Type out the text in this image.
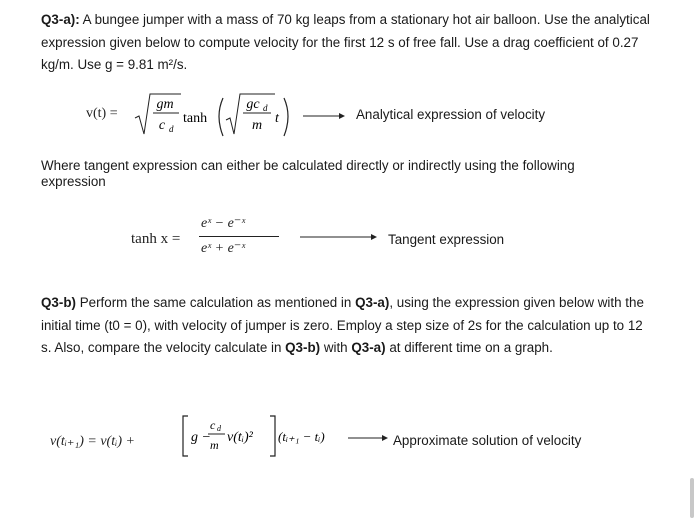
Q3-a): A bungee jumper with a mass of 70 kg leaps from a stationary hot air balloon. Use the analytical expression given below to compute velocity for the first 12 s of free fall. Use a drag coefficient of 0.27 kg/m. Use g = 9.81 m²/s.

v(t) =
gm
c d
tanh
gc d
m t	Analytical expression of velocity

Where tangent expression can either be calculated directly or indirectly using the following expression

tanh x =
eˣ − e⁻ˣ
eˣ + e⁻ˣ
Tangent expression

Q3-b) Perform the same calculation as mentioned in Q3-a), using the expression given below with the initial time (t0 = 0), with velocity of jumper is zero. Employ a step size of 2s for the calculation up to 12 s. Also, compare the velocity calculate in Q3-b) with Q3-a) at different time on a graph.

v(tᵢ₊₁) = v(tᵢ) +	g −
c d
m v(tᵢ)² (tᵢ₊₁ − tᵢ)	Approximate solution of velocity
